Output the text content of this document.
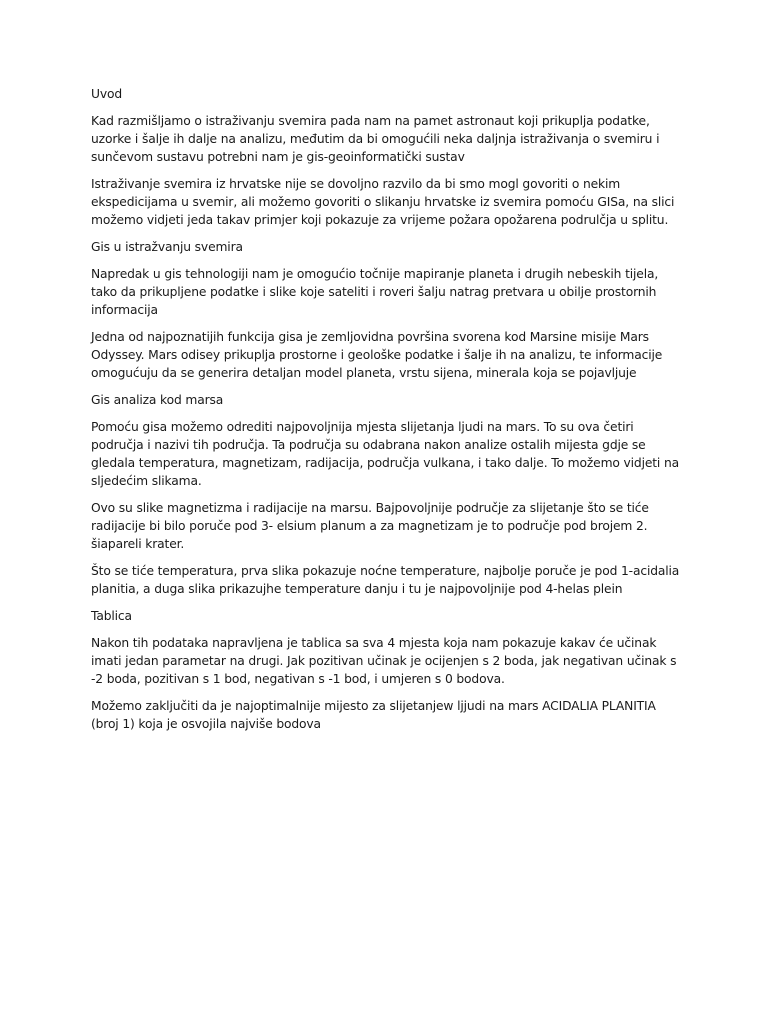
Uvod

Kad razmišljamo o istraživanju svemira pada nam na pamet astronaut koji prikuplja podatke, uzorke i šalje ih dalje na analizu, međutim da bi omogućili neka daljnja istraživanja o svemiru i sunčevom sustavu potrebni nam je gis-geoinformatički sustav

Istraživanje svemira iz hrvatske nije se dovoljno razvilo da bi smo mogl govoriti o nekim ekspedicijama u svemir, ali možemo govoriti o slikanju hrvatske iz svemira pomoću GISa, na slici možemo vidjeti jeda takav primjer koji pokazuje za vrijeme požara opožarena podrulčja u splitu.

Gis u istražvanju svemira

Napredak u gis tehnologiji nam je omogućio točnije mapiranje planeta i drugih nebeskih tijela, tako da prikupljene podatke i slike koje sateliti i roveri šalju natrag pretvara u obilje prostornih informacija

Jedna od najpoznatijih funkcija gisa je zemljovidna površina svorena kod Marsine misije Mars Odyssey. Mars odisey prikuplja prostorne i geološke podatke i šalje ih na analizu, te informacije omogućuju da se generira detaljan model planeta, vrstu sijena, minerala koja se pojavljuje

Gis analiza kod marsa

Pomoću gisa možemo odrediti najpovoljnija mjesta slijetanja ljudi na mars. To su ova četiri područja i nazivi tih područja. Ta područja su odabrana nakon analize ostalih mijesta gdje se gledala temperatura, magnetizam, radijacija, područja vulkana, i tako dalje. To možemo vidjeti na sljedećim slikama.

Ovo su slike magnetizma i radijacije na marsu. Bajpovoljnije područje za slijetanje što se tiće radijacije bi bilo poruče pod 3- elsium planum a za magnetizam je to područje pod brojem 2. šiapareli krater.

Što se tiće temperatura, prva slika pokazuje noćne temperature, najbolje poruče je pod 1-acidalia planitia, a duga slika prikazujhe temperature danju i tu je najpovoljnije pod 4-helas plein

Tablica

Nakon tih podataka napravljena je tablica sa sva 4 mjesta koja nam pokazuje kakav će učinak imati jedan parametar na drugi. Jak pozitivan učinak je ocijenjen s 2 boda, jak negativan učinak s -2 boda, pozitivan s 1 bod, negativan s -1 bod, i umjeren s 0 bodova.

Možemo zaključiti da je najoptimalnije mijesto za slijetanjew ljjudi na mars ACIDALIA PLANITIA (broj 1) koja je osvojila najviše bodova
